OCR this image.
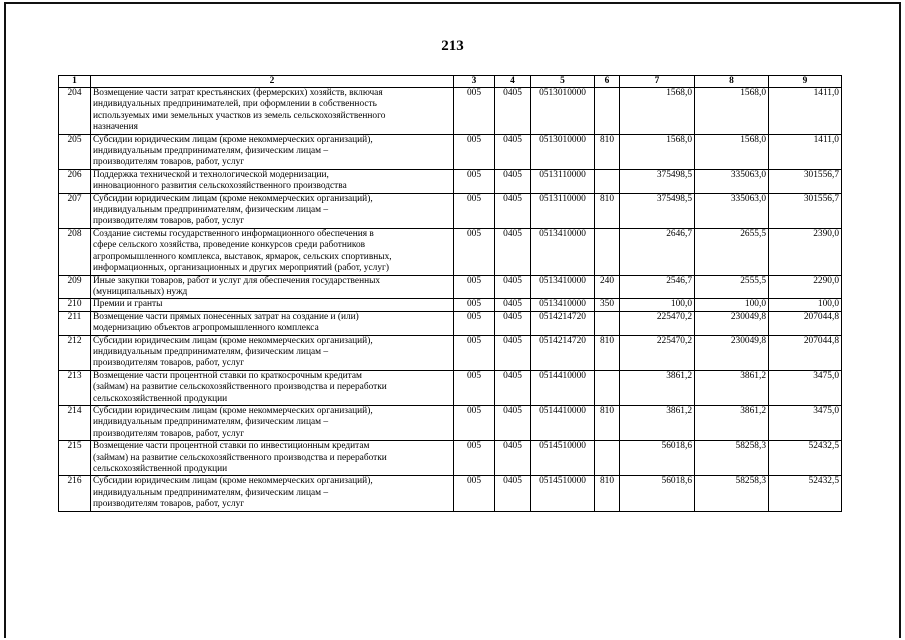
213
1	2	3	4	5	6	7	8	9
204	Возмещение части затрат крестьянских (фермерских) хозяйств, включая
индивидуальных предпринимателей, при оформлении в собственность
используемых ими земельных участков из земель сельскохозяйственного
назначения	005	0405	0513010000		1568,0	1568,0	1411,0
205	Субсидии юридическим лицам (кроме некоммерческих организаций),
индивидуальным предпринимателям, физическим лицам –
производителям товаров, работ, услуг	005	0405	0513010000	810	1568,0	1568,0	1411,0
206	Поддержка технической и технологической модернизации,
инновационного развития сельскохозяйственного производства	005	0405	0513110000		375498,5	335063,0	301556,7
207	Субсидии юридическим лицам (кроме некоммерческих организаций),
индивидуальным предпринимателям, физическим лицам –
производителям товаров, работ, услуг	005	0405	0513110000	810	375498,5	335063,0	301556,7
208	Создание системы государственного информационного обеспечения в
сфере сельского хозяйства, проведение конкурсов среди работников
агропромышленного комплекса, выставок, ярмарок, сельских спортивных,
информационных, организационных и других мероприятий (работ, услуг)	005	0405	0513410000		2646,7	2655,5	2390,0
209	Иные закупки товаров, работ и услуг для обеспечения государственных
(муниципальных) нужд	005	0405	0513410000	240	2546,7	2555,5	2290,0
210	Премии и гранты	005	0405	0513410000	350	100,0	100,0	100,0
211	Возмещение части прямых понесенных затрат на создание и (или)
модернизацию объектов агропромышленного комплекса	005	0405	0514214720		225470,2	230049,8	207044,8
212	Субсидии юридическим лицам (кроме некоммерческих организаций),
индивидуальным предпринимателям, физическим лицам –
производителям товаров, работ, услуг	005	0405	0514214720	810	225470,2	230049,8	207044,8
213	Возмещение части процентной ставки по краткосрочным кредитам
(займам) на развитие сельскохозяйственного производства и переработки
сельскохозяйственной продукции	005	0405	0514410000		3861,2	3861,2	3475,0
214	Субсидии юридическим лицам (кроме некоммерческих организаций),
индивидуальным предпринимателям, физическим лицам –
производителям товаров, работ, услуг	005	0405	0514410000	810	3861,2	3861,2	3475,0
215	Возмещение части процентной ставки по инвестиционным кредитам
(займам) на развитие сельскохозяйственного производства и переработки
сельскохозяйственной продукции	005	0405	0514510000		56018,6	58258,3	52432,5
216	Субсидии юридическим лицам (кроме некоммерческих организаций),
индивидуальным предпринимателям, физическим лицам –
производителям товаров, работ, услуг	005	0405	0514510000	810	56018,6	58258,3	52432,5
